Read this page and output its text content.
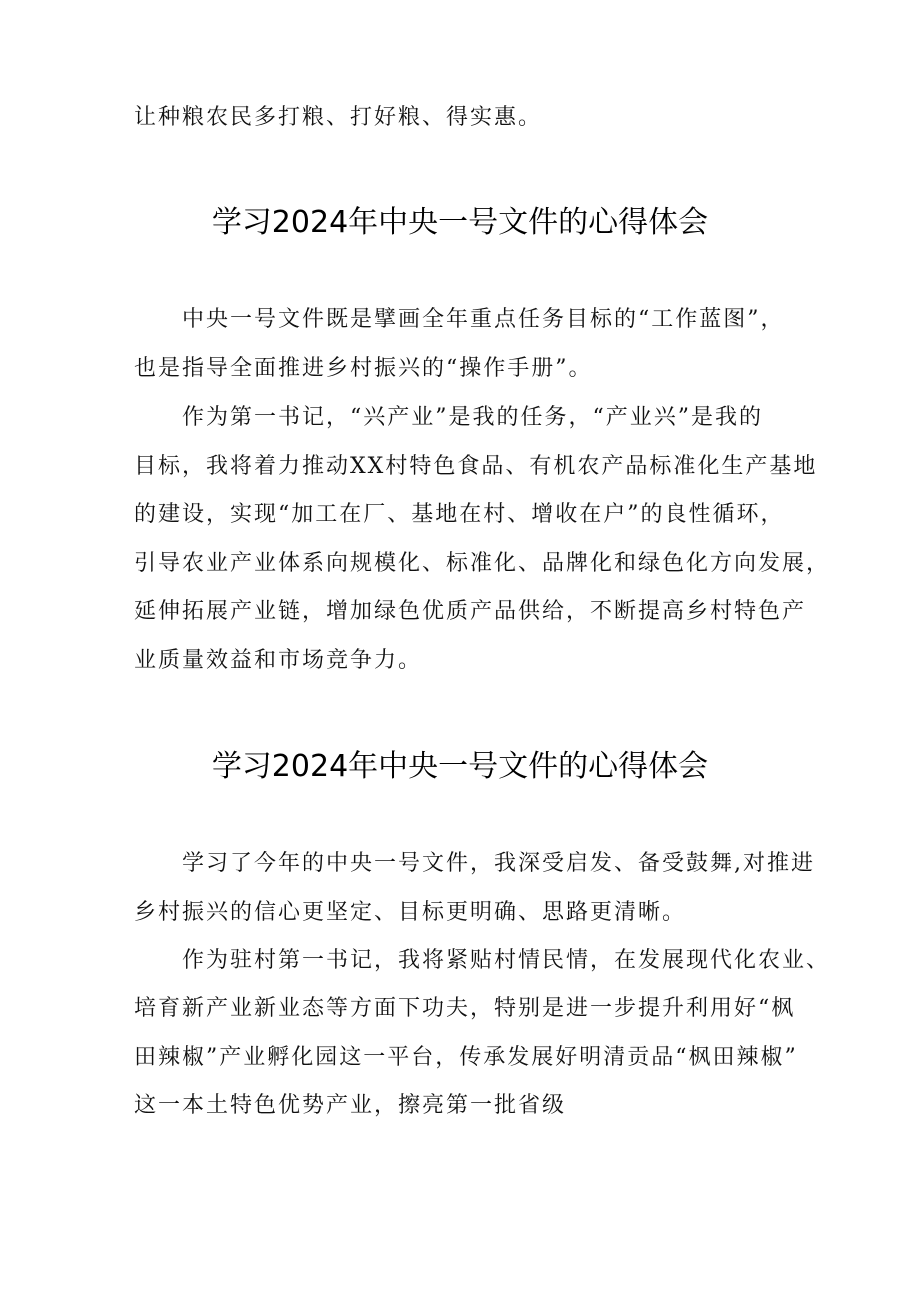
让种粮农民多打粮、打好粮、得实惠。
学习2024年中央一号文件的心得体会
中央一号文件既是擘画全年重点任务目标的“工作蓝图”，
也是指导全面推进乡村振兴的“操作手册”。
作为第一书记，“兴产业”是我的任务，“产业兴”是我的
目标，我将着力推动XX村特色食品、有机农产品标准化生产基地
的建设，实现“加工在厂、基地在村、增收在户”的良性循环，
引导农业产业体系向规模化、标准化、品牌化和绿色化方向发展，
延伸拓展产业链，增加绿色优质产品供给，不断提高乡村特色产
业质量效益和市场竞争力。
学习2024年中央一号文件的心得体会
学习了今年的中央一号文件，我深受启发、备受鼓舞,对推进
乡村振兴的信心更坚定、目标更明确、思路更清晰。
作为驻村第一书记，我将紧贴村情民情，在发展现代化农业、
培育新产业新业态等方面下功夫，特别是进一步提升利用好“枫
田辣椒”产业孵化园这一平台，传承发展好明清贡品“枫田辣椒”
这一本土特色优势产业，擦亮第一批省级
